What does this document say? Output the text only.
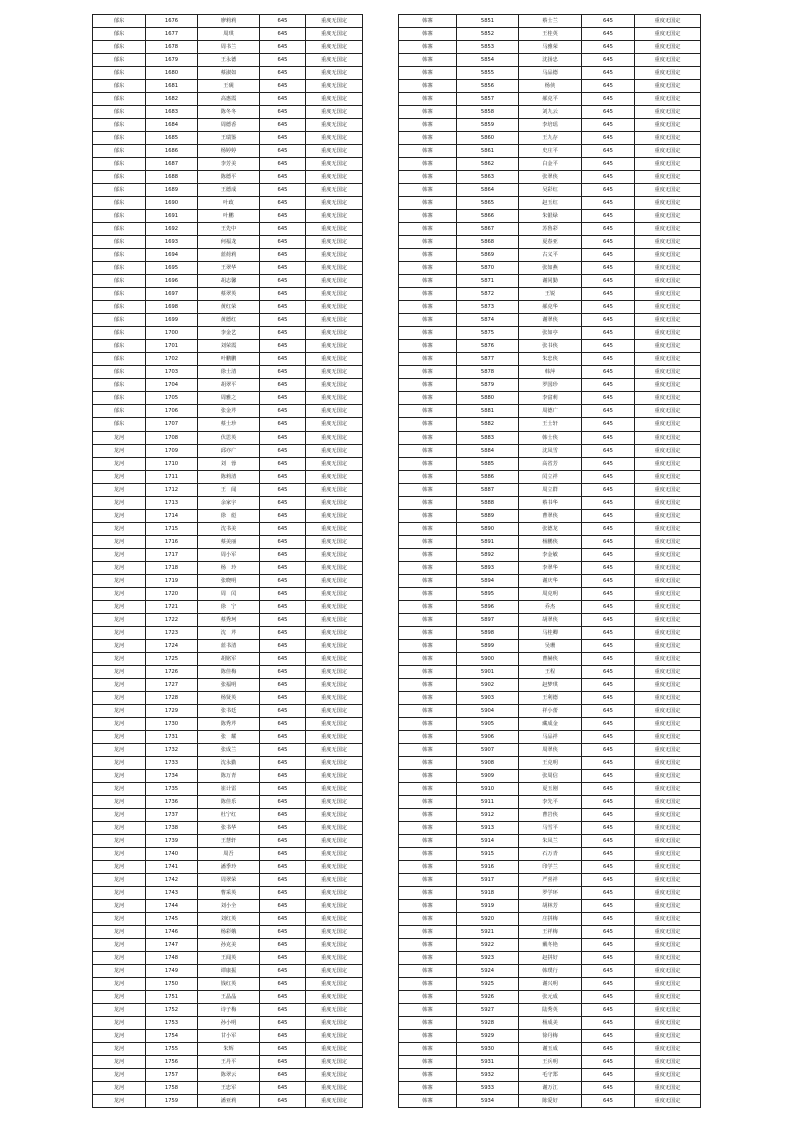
郁东	1676	廖莉莉	645	重度无国定
郁东	1677	周琪	645	重度无国定
郁东	1678	周书兰	645	重度无国定
郁东	1679	王永德	645	重度无国定
郁东	1680	蔡淑如	645	重度无国定
郁东	1681	王砚	645	重度无国定
郁东	1682	高惠霞	645	重度无国定
郁东	1683	陈冬冬	645	重度无国定
郁东	1684	周德香	645	重度无国定
郁东	1685	王瑞鉴	645	重度无国定
郁东	1686	杨婷婷	645	重度无国定
郁东	1687	李芳美	645	重度无国定
郁东	1688	陈德平	645	重度无国定
郁东	1689	王德成	645	重度无国定
郁东	1690	叶政	645	重度无国定
郁东	1691	叶鹏	645	重度无国定
郁东	1692	王先中	645	重度无国定
郁东	1693	何福龙	645	重度无国定
郁东	1694	蓝荷莉	645	重度无国定
郁东	1695	王翠华	645	重度无国定
郁东	1696	胡志馨	645	重度无国定
郁东	1697	蔡翠英	645	重度无国定
郁东	1698	黄红荣	645	重度无国定
郁东	1699	黄德红	645	重度无国定
郁东	1700	李金艺	645	重度无国定
郁东	1701	刘荣霞	645	重度无国定
郁东	1702	叶鹏鹏	645	重度无国定
郁东	1703	徐士清	645	重度无国定
郁东	1704	胡翠平	645	重度无国定
郁东	1705	周雅之	645	重度无国定
郁东	1706	张金芹	645	重度无国定
郁东	1707	蔡士珍	645	重度无国定
龙河	1708	伏思英	645	重度无国定
龙河	1709	邱亦广	645	重度无国定
龙河	1710	刘　蓉	645	重度无国定
龙河	1711	陈莉清	645	重度无国定
龙河	1712	王　闻	645	重度无国定
龙河	1713	余家宇	645	重度无国定
龙河	1714	徐　彪	645	重度无国定
龙河	1715	沈书美	645	重度无国定
龙河	1716	蔡美丽	645	重度无国定
龙河	1717	周小军	645	重度无国定
龙河	1718	杨　玲	645	重度无国定
龙河	1719	张晓明	645	重度无国定
龙河	1720	周　闰	645	重度无国定
龙河	1721	徐　宁	645	重度无国定
龙河	1722	蔡秀珂	645	重度无国定
龙河	1723	沈　芹	645	重度无国定
龙河	1724	蓝书清	645	重度无国定
龙河	1725	胡铭军	645	重度无国定
龙河	1726	陈佳梅	645	重度无国定
龙河	1727	张福明	645	重度无国定
龙河	1728	杨贤英	645	重度无国定
龙河	1729	张书廷	645	重度无国定
龙河	1730	陈秀芹	645	重度无国定
龙河	1731	张　耀	645	重度无国定
龙河	1732	张成兰	645	重度无国定
龙河	1733	沈永勤	645	重度无国定
龙河	1734	陈万青	645	重度无国定
龙河	1735	崔计雷	645	重度无国定
龙河	1736	陈佳乐	645	重度无国定
龙河	1737	杜宁红	645	重度无国定
龙河	1738	张书华	645	重度无国定
龙河	1739	王慧轩	645	重度无国定
龙河	1740	周吾	645	重度无国定
龙河	1741	潘季玲	645	重度无国定
龙河	1742	周翠荣	645	重度无国定
龙河	1743	曹采英	645	重度无国定
龙河	1744	刘小全	645	重度无国定
龙河	1745	刘红英	645	重度无国定
龙河	1746	杨彩娥	645	重度无国定
龙河	1747	孙克美	645	重度无国定
龙河	1748	王闻英	645	重度无国定
龙河	1749	谭康振	645	重度无国定
龙河	1750	钱红英	645	重度无国定
龙河	1751	王晶晶	645	重度无国定
龙河	1752	诗子梅	645	重度无国定
龙河	1753	孙小明	645	重度无国定
龙河	1754	甘小军	645	重度无国定
龙河	1755	朱辉	645	重度无国定
龙河	1756	王丹平	645	重度无国定
龙河	1757	陈翠云	645	重度无国定
龙河	1758	王忠军	645	重度无国定
龙河	1759	潘亚莉	645	重度无国定
韩寨	5851	蔡士兰	645	重度无国定
韩寨	5852	王桂英	645	重度无国定
韩寨	5853	马雅荣	645	重度无国定
韩寨	5854	沈扬忠	645	重度无国定
韩寨	5855	马品德	645	重度无国定
韩寨	5856	杨侠	645	重度无国定
韩寨	5857	郝克平	645	重度无国定
韩寨	5858	刘九云	645	重度无国定
韩寨	5859	李培瑶	645	重度无国定
韩寨	5860	王九存	645	重度无国定
韩寨	5861	史庄平	645	重度无国定
韩寨	5862	白金平	645	重度无国定
韩寨	5863	张翠侠	645	重度无国定
韩寨	5864	吴彩红	645	重度无国定
韩寨	5865	赵玉红	645	重度无国定
韩寨	5866	朱银绿	645	重度无国定
韩寨	5867	苏鲁彩	645	重度无国定
韩寨	5868	夏春亚	645	重度无国定
韩寨	5869	古义平	645	重度无国定
韩寨	5870	张如燕	645	重度无国定
韩寨	5871	谢同勤	645	重度无国定
韩寨	5872	王锐	645	重度无国定
韩寨	5873	郝克华	645	重度无国定
韩寨	5874	谢翠侠	645	重度无国定
韩寨	5875	张如亭	645	重度无国定
韩寨	5876	张书侠	645	重度无国定
韩寨	5877	朱忠侠	645	重度无国定
韩寨	5878	韩萍	645	重度无国定
韩寨	5879	罗国珍	645	重度无国定
韩寨	5880	李富莉	645	重度无国定
韩寨	5881	周德广	645	重度无国定
韩寨	5882	王士轩	645	重度无国定
韩寨	5883	韩士侠	645	重度无国定
韩寨	5884	沈凤雪	645	重度无国定
韩寨	5885	高省芳	645	重度无国定
韩寨	5886	闰立祥	645	重度无国定
韩寨	5887	周立群	645	重度无国定
韩寨	5888	蔡书华	645	重度无国定
韩寨	5889	曹翠侠	645	重度无国定
韩寨	5890	张德龙	645	重度无国定
韩寨	5891	杨鹏侠	645	重度无国定
韩寨	5892	李金敏	645	重度无国定
韩寨	5893	李翠华	645	重度无国定
韩寨	5894	谢庆华	645	重度无国定
韩寨	5895	周克明	645	重度无国定
韩寨	5896	乔杰	645	重度无国定
韩寨	5897	胡翠侠	645	重度无国定
韩寨	5898	马桂卿	645	重度无国定
韩寨	5899	吴珊	645	重度无国定
韩寨	5900	曹赫侠	645	重度无国定
韩寨	5901	王程	645	重度无国定
韩寨	5902	赵梦琪	645	重度无国定
韩寨	5903	王利德	645	重度无国定
韩寨	5904	祥小蕾	645	重度无国定
韩寨	5905	藏成金	645	重度无国定
韩寨	5906	马品祥	645	重度无国定
韩寨	5907	周翠侠	645	重度无国定
韩寨	5908	王克明	645	重度无国定
韩寨	5909	张周信	645	重度无国定
韩寨	5910	夏玉刚	645	重度无国定
韩寨	5911	李先平	645	重度无国定
韩寨	5912	曹岩侠	645	重度无国定
韩寨	5913	马雪平	645	重度无国定
韩寨	5914	朱凤兰	645	重度无国定
韩寨	5915	石万青	645	重度无国定
韩寨	5916	印学兰	645	重度无国定
韩寨	5917	严喜祥	645	重度无国定
韩寨	5918	罗学环	645	重度无国定
韩寨	5919	胡林芳	645	重度无国定
韩寨	5920	庄拼梅	645	重度无国定
韩寨	5921	王祥梅	645	重度无国定
韩寨	5922	戴冬艳	645	重度无国定
韩寨	5923	赵拼好	645	重度无国定
韩寨	5924	韩璞行	645	重度无国定
韩寨	5925	谢兴明	645	重度无国定
韩寨	5926	张元成	645	重度无国定
韩寨	5927	陆秀英	645	重度无国定
韩寨	5928	杨成美	645	重度无国定
韩寨	5929	徐丹梅	645	重度无国定
韩寨	5930	谢玉成	645	重度无国定
韩寨	5931	王兵明	645	重度无国定
韩寨	5932	毛守郑	645	重度无国定
韩寨	5933	谢万江	645	重度无国定
韩寨	5934	陈爱好	645	重度无国定
